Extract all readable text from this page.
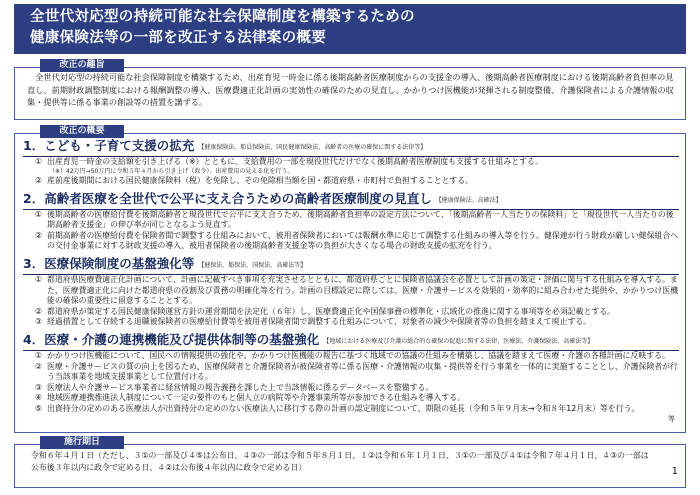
全世代対応型の持続可能な社会保障制度を構築するための
健康保険法等の一部を改正する法律案の概要
全世代対応型の持続可能な社会保障制度を構築するため、出産育児一時金に係る後期高齢者医療制度からの支援金の導入、後期高齢者医療制度における後期高齢者負担率の見直し、前期財政調整制度における報酬調整の導入、医療費適正化計画の実効性の確保のための見直し、かかりつけ医機能が発揮される制度整備、介護保険者による介護情報の収集・提供等に係る事業の創設等の措置を講ずる。
改正の趣旨
1．こども・子育て支援の拡充 【健康保険法、船員保険法、国民健康保険法、高齢者の医療の確保に関する法律等】
① 出産育児一時金の支給額を引き上げる（※）とともに、支給費用の一部を現役世代だけでなく後期高齢者医療制度も支援する仕組みとする。
（※）42万円→50万円に令和５年４月から引き上げ（政令）、出産費用の見える化を行う。
② 産前産後期間における国民健康保険料（税）を免除し、その免除相当額を国・都道府県・市町村で負担することとする。
2．高齢者医療を全世代で公平に支え合うための高齢者医療制度の見直し 【健康保険法、高確法】
① 後期高齢者の医療給付費を後期高齢者と現役世代で公平に支え合うため、後期高齢者負担率の設定方法について、「後期高齢者一人当たりの保険料」と「現役世代一人当たりの後期高齢者支援金」の伸び率が同じとなるよう見直す。
② 前期高齢者の医療給付費を保険者間で調整する仕組みにおいて、被用者保険者においては報酬水準に応じて調整する仕組みの導入等を行う。健保連が行う財政が厳しい健保組合への交付金事業に対する財政支援の導入、被用者保険者の後期高齢者支援金等の負担が大きくなる場合の財政支援の拡充を行う。
3．医療保険制度の基盤強化等 【健保法、船保法、国保法、高確法等】
① 都道府県医療費適正化計画について、計画に記載すべき事項を充実させるとともに、都道府県ごとに保険者協議会を必置として計画の策定・評価に関与する仕組みを導入する。また、医療費適正化に向けた都道府県の役割及び責務の明確化等を行う。計画の目標設定に際しては、医療・介護サービスを効果的・効率的に組み合わせた提供や、かかりつけ医機能の確保の重要性に留意することとする。
② 都道府県が策定する国民健康保険運営方針の運営期間を法定化（６年）し、医療費適正化や国保事務の標準化・広域化の推進に関する事項等を必須記載とする。
③ 経過措置として存続する退職被保険者の医療給付費等を被用者保険者間で調整する仕組みについて、対象者の減少や保険者等の負担を踏まえて廃止する。
4．医療・介護の連携機能及び提供体制等の基盤強化 【地域における医療及び介護の総合的な確保の促進に関する法律、医療法、介護保険法、高確法等】
① かかりつけ医機能について、国民への情報提供の強化や、かかりつけ医機能の報告に基づく地域での協議の仕組みを構築し、協議を踏まえて医療・介護の各種計画に反映する。
② 医療・介護サービスの質の向上を図るため、医療保険者と介護保険者が被保険者等に係る医療・介護情報の収集・提供等を行う事業を一体的に実施することとし、介護保険者が行う当該事業を地域支援事業として位置付ける。
③ 医療法人や介護サービス事業者に経営情報の報告義務を課した上で当該情報に係るデータベースを整備する。
④ 地域医療連携推進法人制度について一定の要件のもと個人立の病院等や介護事業所等が参加できる仕組みを導入する。
⑤ 出資持分の定めのある医療法人が出資持分の定めのない医療法人に移行する際の計画の認定制度について、期限の延長（令和５年９月末→令和８年12月末）等を行う。
等
改正の概要
令和６年４月１日（ただし、３①の一部及び４⑤は公布日、４③の一部は令和５年８月１日、１②は令和６年１月１日、３①の一部及び４①は令和７年４月１日、４③の一部は公布後３年以内に政令で定める日、４②は公布後４年以内に政令で定める日）
施行期日
1
